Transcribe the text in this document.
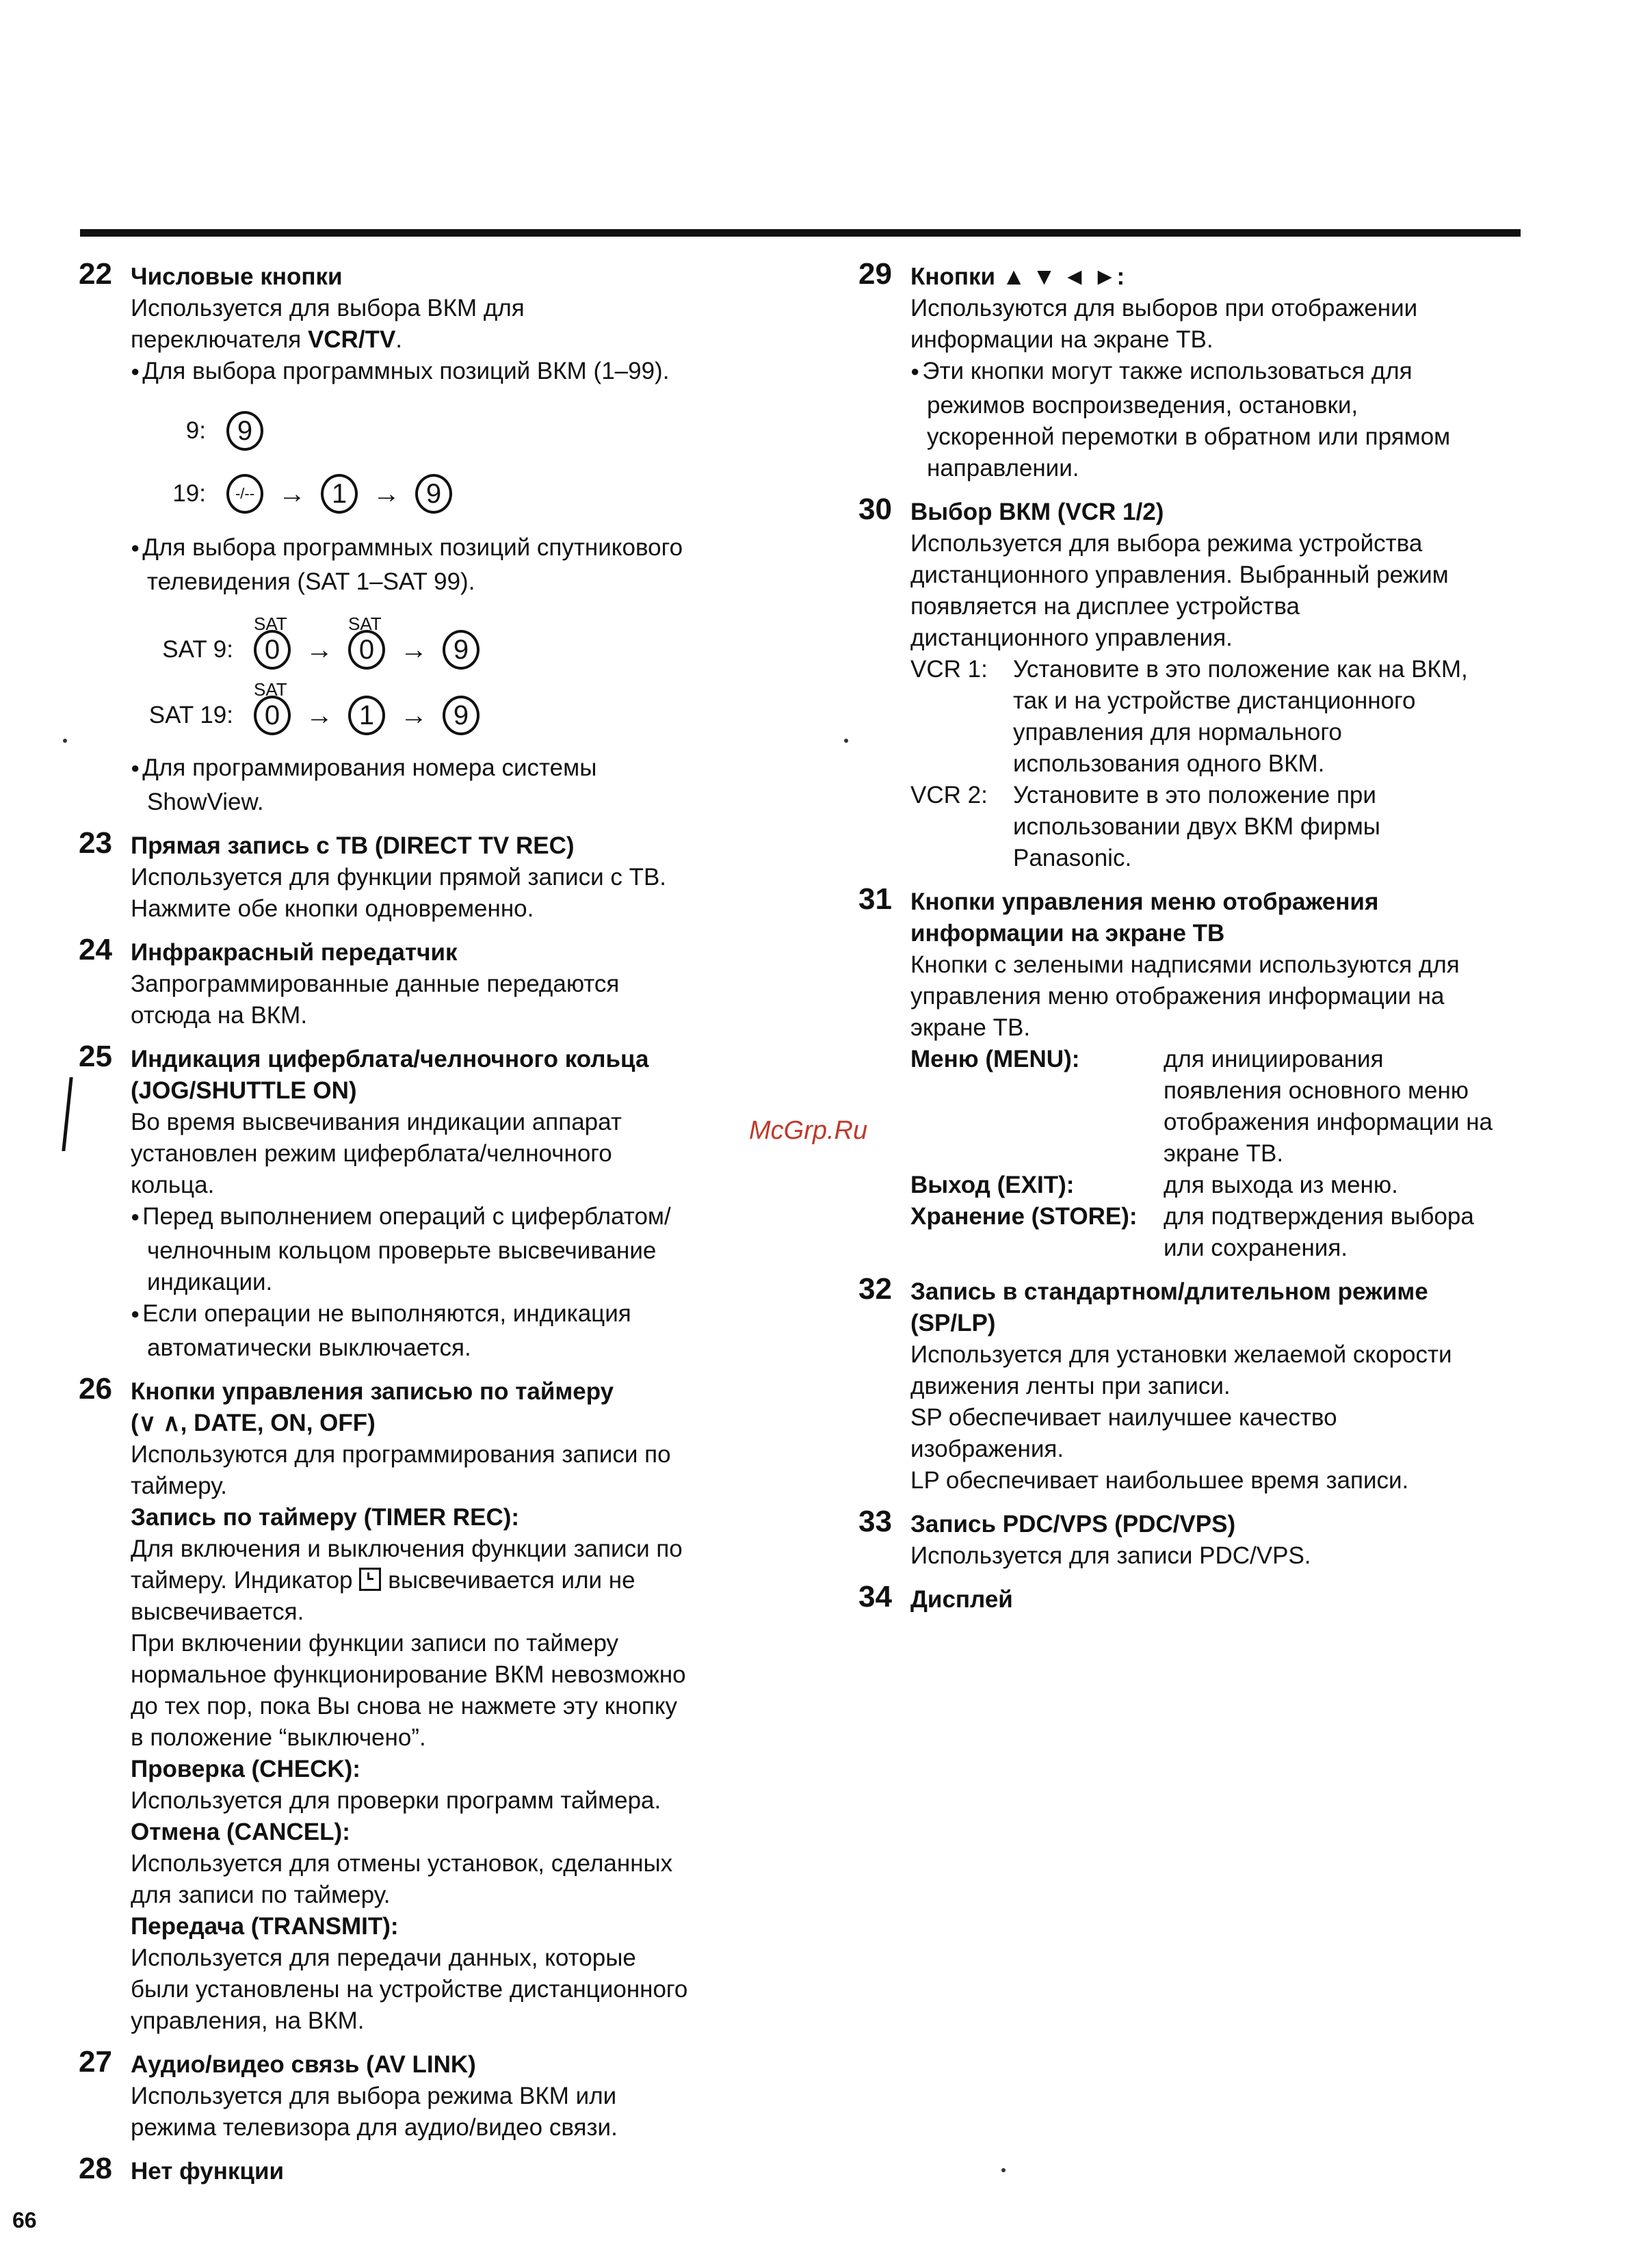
McGrp.Ru
22 Числовые кнопки
Используется для выбора ВКМ для
переключателя VCR/TV.
● Для выбора программных позиций ВКМ (1–99).
9: 9
19:	-/-- → 1 → 9
● Для выбора программных позиций спутникового
телевидения (SAT 1–SAT 99).
SAT 9:
SAT
0 →
SAT
0 → 9
SAT 19:
SAT
0 → 1 → 9
● Для программирования номера системы
ShowView.
23 Прямая запись с ТВ (DIRECT TV REC)
Используется для функции прямой записи с ТВ.
Нажмите обе кнопки одновременно.
24 Инфракрасный передатчик
Запрограммированные данные передаются
отсюда на ВКМ.
25 Индикация циферблата/челночного кольца
(JOG/SHUTTLE ON)
Во время высвечивания индикации аппарат
установлен режим циферблата/челночного
кольца.
● Перед выполнением операций с циферблатом/
челночным кольцом проверьте высвечивание
индикации.
● Если операции не выполняются, индикация
автоматически выключается.
26 Кнопки управления записью по таймеру
(∨ ∧, DATE, ON, OFF)
Используются для программирования записи по
таймеру.
Запись по таймеру (TIMER REC):
Для включения и выключения функции записи по
таймеру. Индикатор
высвечивается или не
высвечивается.
При включении функции записи по таймеру
нормальное функционирование ВКМ невозможно
до тех пор, пока Вы снова не нажмете эту кнопку
в положение “выключено”.
Проверка (CHECK):
Используется для проверки программ таймера.
Отмена (CANCEL):
Используется для отмены установок, сделанных
для записи по таймеру.
Передача (TRANSMIT):
Используется для передачи данных, которые
были установлены на устройстве дистанционного
управления, на ВКМ.
27 Аудио/видео связь (AV LINK)
Используется для выбора режима ВКМ или
режима телевизора для аудио/видео связи.
28 Нет функции
29 Кнопки ▲ ▼ ◄ ►:
Используются для выборов при отображении
информации на экране ТВ.
● Эти кнопки могут также использоваться для
режимов воспроизведения, остановки,
ускоренной перемотки в обратном или прямом
направлении.
30 Выбор ВКМ (VCR 1/2)
Используется для выбора режима устройства
дистанционного управления. Выбранный режим
появляется на дисплее устройства
дистанционного управления.
VCR 1:	Установите в это положение как на ВКМ,
так и на устройстве дистанционного
управления для нормального
использования одного ВКМ.
VCR 2:	Установите в это положение при
использовании двух ВКМ фирмы
Panasonic.
31 Кнопки управления меню отображения
информации на экране ТВ
Кнопки с зелеными надписями используются для
управления меню отображения информации на
экране ТВ.
Меню (MENU):	для инициирования
появления основного меню
отображения информации на
экране ТВ.
Выход (EXIT):	для выхода из меню.
Хранение (STORE):	для подтверждения выбора
или сохранения.
32 Запись в стандартном/длительном режиме
(SP/LP)
Используется для установки желаемой скорости
движения ленты при записи.
SP обеспечивает наилучшее качество
изображения.
LP обеспечивает наибольшее время записи.
33 Запись PDC/VPS (PDC/VPS)
Используется для записи PDC/VPS.
34 Дисплей
66
